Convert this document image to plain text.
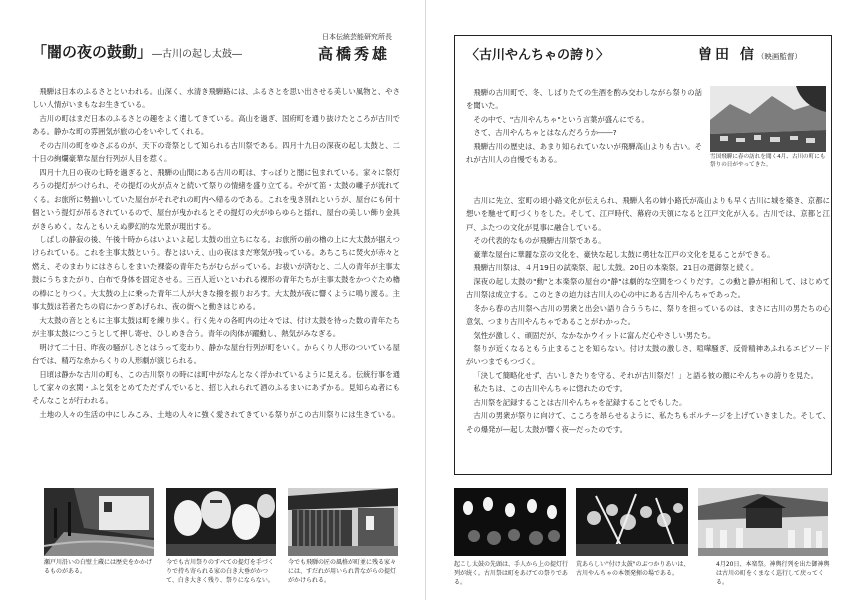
「闇の夜の鼓動」―古川の起し太鼓―
日本伝統芸能研究所長
高橋秀雄

飛騨は日本のふるさとといわれる。山深く、水清き飛騨路には、ふるさとを思い出させる美しい風物と、やさしい人情がいまもなお生きている。

古川の町はまだ日本のふるさとの趣をよく遺してきている。高山を過ぎ、国府町を通り抜けたところが古川である。静かな町の雰囲気が旅の心をいやしてくれる。

その古川の町をゆさぶるのが、天下の奇祭として知られる古川祭である。四月十九日の深夜の起し太鼓と、二十日の絢爛豪華な屋台行列が人目を惹く。

四月十九日の夜の七時を過ぎると、飛騨の山間にある古川の町は、すっぽりと闇に包まれている。家々に祭灯ろうの提灯がつけられ、その提灯の火が点々と続いて祭りの情緒を盛り立てる。やがて笛・太鼓の囃子が流れてくる。お旅所に勢揃いしていた屋台がそれぞれの町内へ帰るのである。これを曳き別れというが、屋台にも何十個という提灯が吊るされているので、屋台が曳かれるとその提灯の火がゆらゆらと揺れ、屋台の美しい飾り金具がきらめく。なんともいえぬ夢幻的な光景が現出する。

しばしの静寂の後、午後十時からはいよいよ起し太鼓の出立ちになる。お旅所の前の櫓の上に大太鼓が据えつけられている。これを主事太鼓という。春とはいえ、山の夜はまだ寒気が残っている。あちこちに焚火が赤々と燃え、そのまわりにはさらしをまいた裸姿の青年たちがむらがっている。お祓いが済むと、二人の青年が主事太鼓にうちまたがり、白布で身体を固定させる。三百人近いといわれる裸形の青年たちが主事太鼓をかつぐため櫓の棒にとりつく。大太鼓の上に乗った青年二人が大きな撥を振りおろす。大太鼓が夜に響くように鳴り渡る。主事太鼓は若者たちの肩にかつぎあげられ、夜の街へと動きはじめる。

大太鼓の音とともに主事太鼓は町を練り歩く。行く先々の各町内の辻々では、付け太鼓を待った数の青年たちが主事太鼓につこうとして押し寄せ、ひしめき合う。青年の肉体が躍動し、熱気がみなぎる。

明けて二十日、昨夜の騒がしさとはうって変わり、静かな屋台行列が町をいく。からくり人形のついている屋台では、精巧な糸からくりの人形劇が演じられる。

日頃は静かな古川の町も、この古川祭りの時には町中がなんとなく浮かれているように見える。伝統行事を通して家々の玄関・ふと気をとめてただずんでいると、招じ入れられて酒のふるまいにあずかる。見知らぬ者にもそんなことが行われる。

土地の人々の生活の中にしみこみ、土地の人々に強く愛されてきている祭りがこの古川祭りには生きている。

瀬戸川沿いの白壁土蔵には歴史をかかげるものがある。
今でも古川祭りのすべての提灯を手づくりで持ち寄られる家の白き大垂がかつて、白き大きく残り、祭りにならない。
今でも飛騨の匠の風格が町並に残る家々には、すだれが用いられ昔ながらの提灯がかけられる。
〈古川やんちゃの誇り〉	曽田 信（映画監督）
雪国飛騨に春の訪れを聞く4月、古川の町にも祭りの日がやってきた。

飛騨の古川町で、冬、しばりたての生酒を酌み交わしながら祭りの話を聞いた。

その中で、"古川やんちゃ"という言葉が盛んにでる。

さて、古川やんちゃとはなんだろうか――?

飛騨古川の歴史は、あまり知られていないが飛騨高山よりも古い。それが古川人の自慢でもある。

古川に先立、室町の頃小路文化が伝えられ、飛騨人名の姉小路氏が高山よりも早く古川に城を築き、京都に想いを馳せて町づくりをした。そして、江戸時代、幕府の天領になると江戸文化が入る。古川では、京都と江戸、ふたつの文化が見事に融合している。

その代表的なものが飛騨古川祭である。

豪華な屋台に華麗な京の文化を、豪快な起し太鼓に勇壮な江戸の文化を見ることができる。

飛騨古川祭は、４月19日の試楽祭、起し太鼓。20日の本楽祭。21日の還御祭と続く。

深夜の起し太鼓の"動"と本楽祭の屋台の"静"は劇的な空間をつくりだす。この動と静が相和して、はじめて古川祭は成立する。このときの迫力は古川人の心の中にある古川やんちゃであった。

冬から春の古川祭へ古川の男衆と出会い語り合ううちに、祭りを担っているのは、まさに古川の男たちの心意気、つまり古川やんちゃであることがわかった。

気性が激しく、頑固だが、なかなかウイットに富んだ心やさしい男たち。

祭りが近くなるともう止まることを知らない。付け太鼓の激しさ、喧嘩騒ぎ、反骨精神あふれるエピソードがいつまでもつづく。

「決して簡略化せず、古いしきたりを守る、それが古川祭だ！」と語る彼の顔にやんちゃの誇りを見た。

私たちは、この古川やんちゃに惚れたのです。

古川祭を記録することは古川やんちゃを記録することでもした。

古川の男衆が祭りに向けて、こころを昂らせるように、私たちもボルテージを上げていきました。そして、その爆発が―起し太鼓が響く夜―だったのです。

起こし太鼓の先頭は、手人から上の提灯行列が続く。古川祭は町をあげての祭りである。
荒あらしい"付け太鼓"のぶつかりあいは、古川やんちゃの本領発揮の場である。
4月20日、本楽祭。神輿行列を出た御神輿は古川の町をくまなく巡行して戻ってくる。
